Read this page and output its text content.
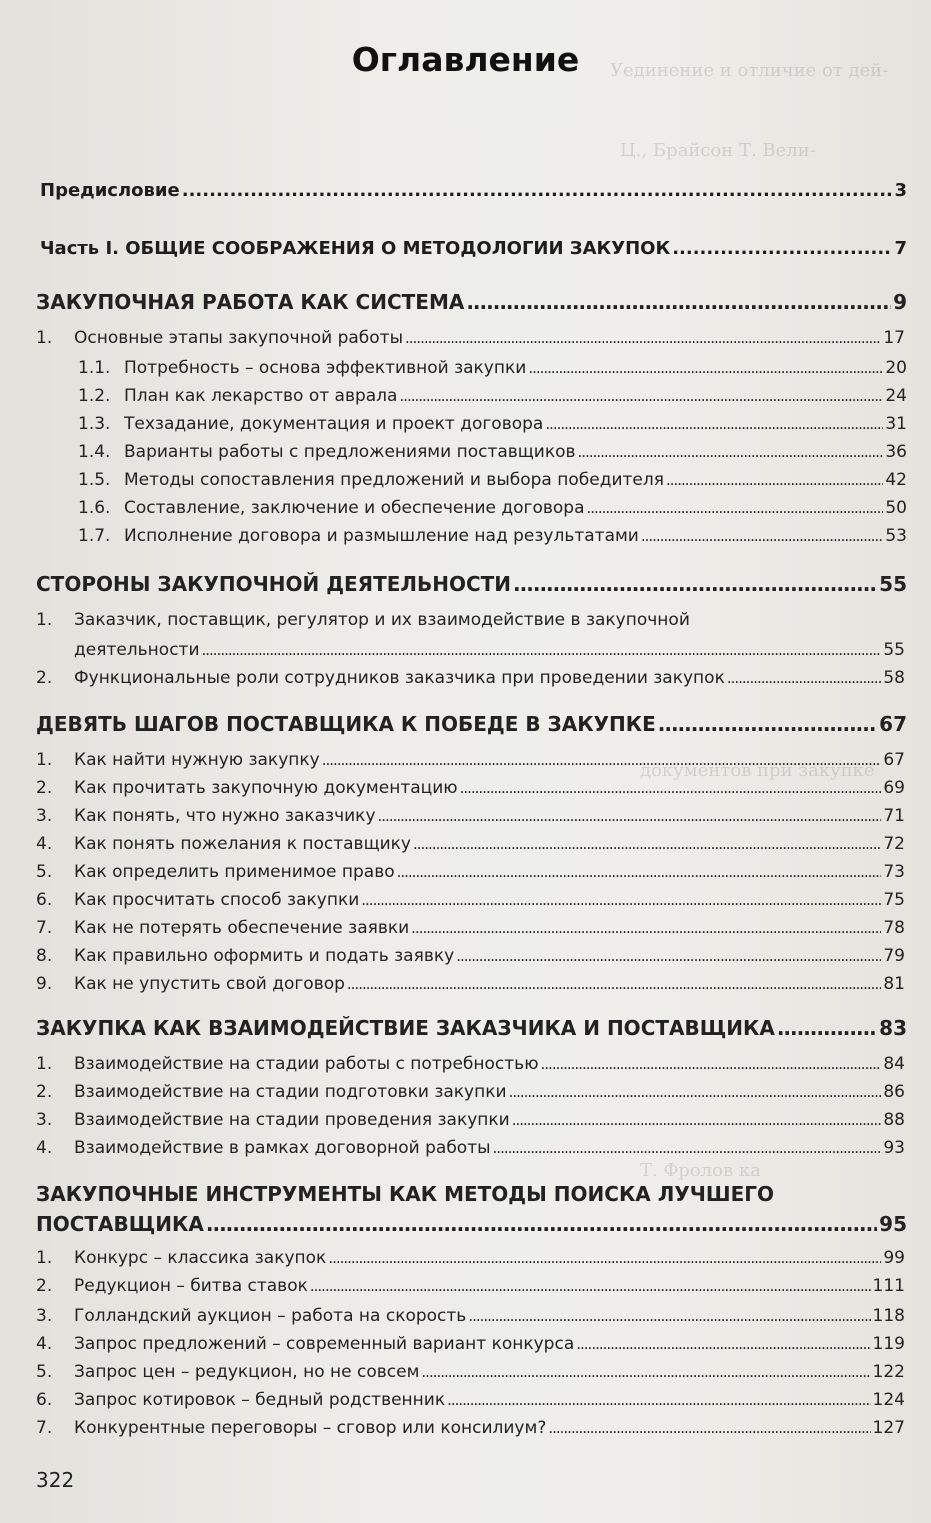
Уединение и отличие от дей-
Ц., Брайсон Т. Вели-
документов при закупке
Т. Фролов ка
Оглавление
Предисловие .....	3
Часть I. ОБЩИЕ СООБРАЖЕНИЯ О МЕТОДОЛОГИИ ЗАКУПОК .....	7
ЗАКУПОЧНАЯ РАБОТА КАК СИСТЕМА .....	9
1.	Основные этапы закупочной работы .....	17
1.1. Потребность – основа эффективной закупки .....	20
1.2. План как лекарство от аврала .....	24
1.3. Техзадание, документация и проект договора .....	31
1.4. Варианты работы с предложениями поставщиков .....	36
1.5. Методы сопоставления предложений и выбора победителя .....	42
1.6. Составление, заключение и обеспечение договора .....	50
1.7. Исполнение договора и размышление над результатами .....	53
СТОРОНЫ ЗАКУПОЧНОЙ ДЕЯТЕЛЬНОСТИ .....	55
1. Заказчик, поставщик, регулятор и их взаимодействие в закупочной
деятельности .....	55
2.	Функциональные роли сотрудников заказчика при проведении закупок .....	58
ДЕВЯТЬ ШАГОВ ПОСТАВЩИКА К ПОБЕДЕ В ЗАКУПКЕ .....	67
1.	Как найти нужную закупку .....	67
2.	Как прочитать закупочную документацию .....	69
3.	Как понять, что нужно заказчику .....	71
4.	Как понять пожелания к поставщику .....	72
5.	Как определить применимое право .....	73
6.	Как просчитать способ закупки .....	75
7.	Как не потерять обеспечение заявки .....	78
8.	Как правильно оформить и подать заявку .....	79
9.	Как не упустить свой договор .....	81
ЗАКУПКА КАК ВЗАИМОДЕЙСТВИЕ ЗАКАЗЧИКА И ПОСТАВЩИКА .....	83
1.	Взаимодействие на стадии работы с потребностью .....	84
2.	Взаимодействие на стадии подготовки закупки .....	86
3.	Взаимодействие на стадии проведения закупки .....	88
4.	Взаимодействие в рамках договорной работы .....	93
ЗАКУПОЧНЫЕ ИНСТРУМЕНТЫ КАК МЕТОДЫ ПОИСКА ЛУЧШЕГО
ПОСТАВЩИКА .....	95
1.	Конкурс – классика закупок .....	99
2.	Редукцион – битва ставок .....	111
3.	Голландский аукцион – работа на скорость .....	118
4.	Запрос предложений – современный вариант конкурса .....	119
5.	Запрос цен – редукцион, но не совсем .....	122
6.	Запрос котировок – бедный родственник .....	124
7.	Конкурентные переговоры – сговор или консилиум? .....	127
322
